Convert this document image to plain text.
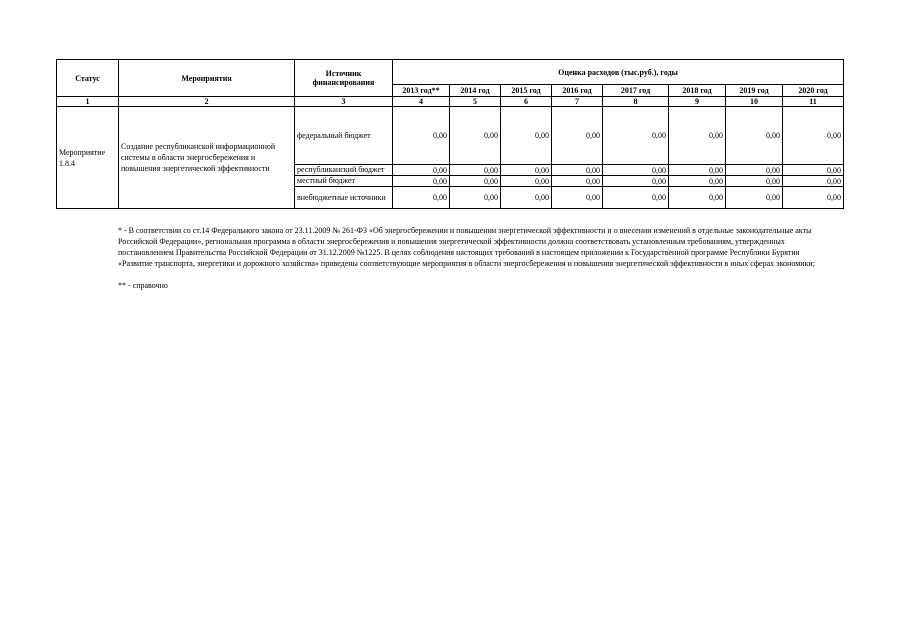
Статус	Мероприятия	Источник финансирования	Оценка расходов (тыс.руб.), годы							
			2013 год**	2014 год	2015 год	2016 год	2017 год	2018 год	2019 год	2020 год
1	2	3	4	5	6	7	8	9	10	11
Мероприятие 1.8.4	Создание республиканской информационной системы в области энергосбережения и повышения энергетической эффективности	федеральный бюджет	0,00	0,00	0,00	0,00	0,00	0,00	0,00	0,00
		республиканский бюджет	0,00	0,00	0,00	0,00	0,00	0,00	0,00	0,00
		местный бюджет	0,00	0,00	0,00	0,00	0,00	0,00	0,00	0,00
		внебюджетные источники	0,00	0,00	0,00	0,00	0,00	0,00	0,00	0,00

* - В соответствии со ст.14 Федерального закона от 23.11.2009 № 261-ФЗ «Об энергосбережении и повышении энергетической эффективности и о внесении изменений в отдельные законодательные акты Российской Федерации», региональная программа в области энергосбережения и повышения энергетической эффективности должна соответствовать установленным требованиям, утвержденных постановлением Правительства Российской Федерации от 31.12.2009 №1225. В целях соблюдения настоящих требований в настоящем приложении к Государственной программе Республики Бурятия «Развитие транспорта, энергетики и дорожного хозяйства» приведены соответствующие мероприятия в области энергосбережения и повышения энергетической эффективности в иных сферах экономики;

** - справочно
